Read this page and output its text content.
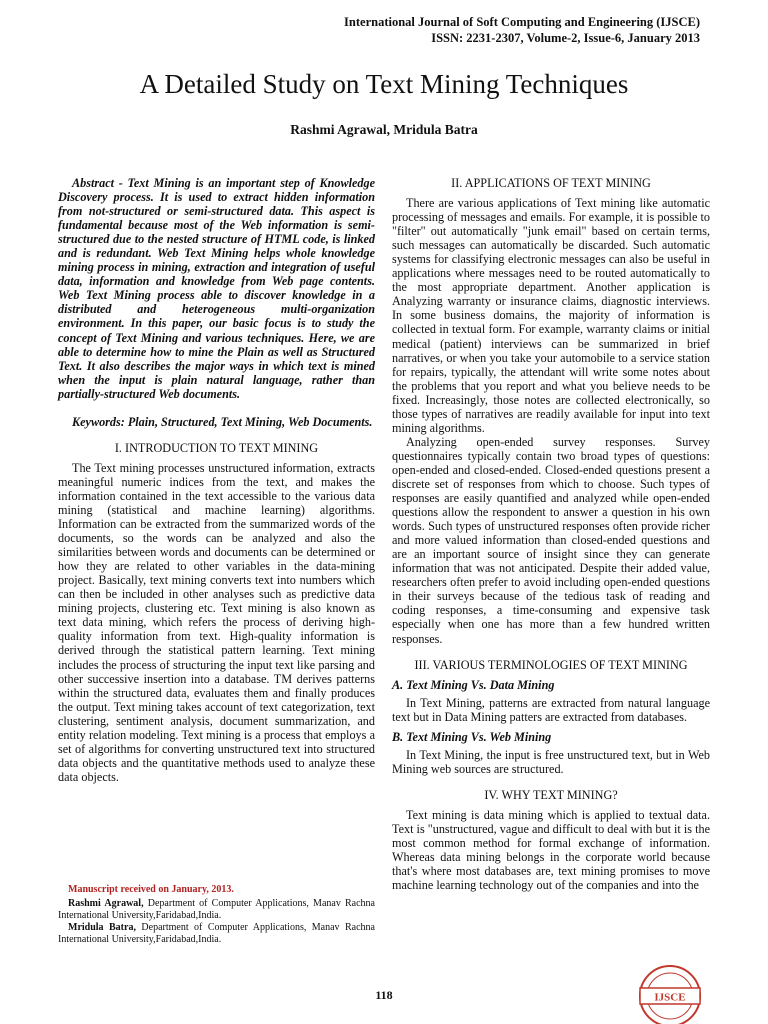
International Journal of Soft Computing and Engineering (IJSCE)
ISSN: 2231-2307, Volume-2, Issue-6, January 2013
A Detailed Study on Text Mining Techniques
Rashmi Agrawal, Mridula Batra

Abstract - Text Mining is an important step of Knowledge Discovery process. It is used to extract hidden information from not-structured or semi-structured data. This aspect is fundamental because most of the Web information is semi-structured due to the nested structure of HTML code, is linked and is redundant. Web Text Mining helps whole knowledge mining process in mining, extraction and integration of useful data, information and knowledge from Web page contents. Web Text Mining process able to discover knowledge in a distributed and heterogeneous multi-organization environment. In this paper, our basic focus is to study the concept of Text Mining and various techniques. Here, we are able to determine how to mine the Plain as well as Structured Text. It also describes the major ways in which text is mined when the input is plain natural language, rather than partially-structured Web documents.

Keywords: Plain, Structured, Text Mining, Web Documents.

I. INTRODUCTION TO TEXT MINING

The Text mining processes unstructured information, extracts meaningful numeric indices from the text, and makes the information contained in the text accessible to the various data mining (statistical and machine learning) algorithms. Information can be extracted from the summarized words of the documents, so the words can be analyzed and also the similarities between words and documents can be determined or how they are related to other variables in the data-mining project. Basically, text mining converts text into numbers which can then be included in other analyses such as predictive data mining projects, clustering etc. Text mining is also known as text data mining, which refers the process of deriving high-quality information from text. High-quality information is derived through the statistical pattern learning. Text mining includes the process of structuring the input text like parsing and other successive insertion into a database. TM derives patterns within the structured data, evaluates them and finally produces the output. Text mining takes account of text categorization, text clustering, sentiment analysis, document summarization, and entity relation modeling. Text mining is a process that employs a set of algorithms for converting unstructured text into structured data objects and the quantitative methods used to analyze these data objects.

II. APPLICATIONS OF TEXT MINING

There are various applications of Text mining like automatic processing of messages and emails. For example, it is possible to "filter" out automatically "junk email" based on certain terms, such messages can automatically be discarded. Such automatic systems for classifying electronic messages can also be useful in applications where messages need to be routed automatically to the most appropriate department. Another application is Analyzing warranty or insurance claims, diagnostic interviews. In some business domains, the majority of information is collected in textual form. For example, warranty claims or initial medical (patient) interviews can be summarized in brief narratives, or when you take your automobile to a service station for repairs, typically, the attendant will write some notes about the problems that you report and what you believe needs to be fixed. Increasingly, those notes are collected electronically, so those types of narratives are readily available for input into text mining algorithms.

Analyzing open-ended survey responses. Survey questionnaires typically contain two broad types of questions: open-ended and closed-ended. Closed-ended questions present a discrete set of responses from which to choose. Such types of responses are easily quantified and analyzed while open-ended questions allow the respondent to answer a question in his own words. Such types of unstructured responses often provide richer and more valued information than closed-ended questions and are an important source of insight since they can generate information that was not anticipated. Despite their added value, researchers often prefer to avoid including open-ended questions in their surveys because of the tedious task of reading and coding responses, a time-consuming and expensive task especially when one has more than a few hundred written responses.

III. VARIOUS TERMINOLOGIES OF TEXT MINING
A. Text Mining Vs. Data Mining

In Text Mining, patterns are extracted from natural language text but in Data Mining patters are extracted from databases.

B. Text Mining Vs. Web Mining

In Text Mining, the input is free unstructured text, but in Web Mining web sources are structured.

IV. WHY TEXT MINING?

Text mining is data mining which is applied to textual data. Text is "unstructured, vague and difficult to deal with but it is the most common method for formal exchange of information. Whereas data mining belongs in the corporate world because that's where most databases are, text mining promises to move machine learning technology out of the companies and into the

Manuscript received on January, 2013.

Rashmi Agrawal, Department of Computer Applications, Manav Rachna International University,Faridabad,India.

Mridula Batra, Department of Computer Applications, Manav Rachna International University,Faridabad,India.

118	IJSCE
